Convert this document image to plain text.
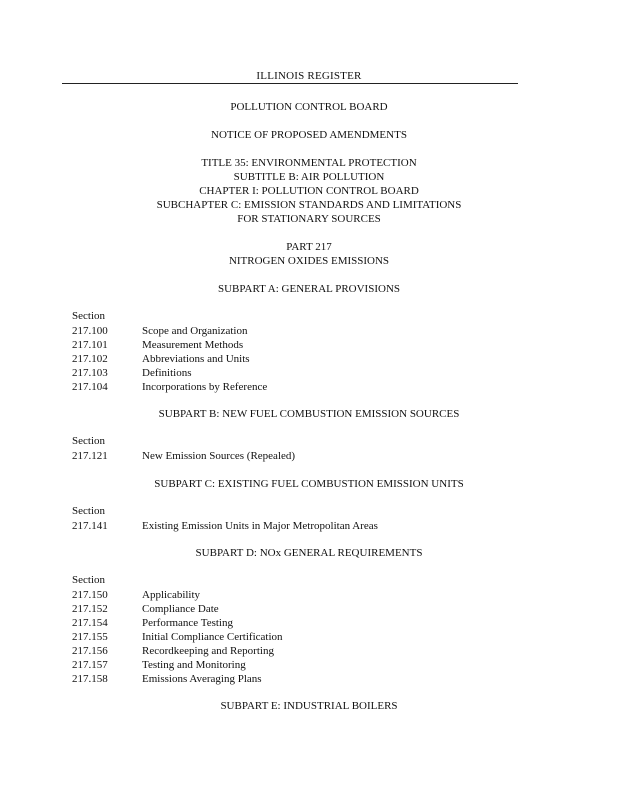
ILLINOIS REGISTER
POLLUTION CONTROL BOARD
NOTICE OF PROPOSED AMENDMENTS
TITLE 35: ENVIRONMENTAL PROTECTION
SUBTITLE B: AIR POLLUTION
CHAPTER I: POLLUTION CONTROL BOARD
SUBCHAPTER C: EMISSION STANDARDS AND LIMITATIONS
FOR STATIONARY SOURCES
PART 217
NITROGEN OXIDES EMISSIONS
SUBPART A: GENERAL PROVISIONS
Section
217.100	Scope and Organization
217.101	Measurement Methods
217.102	Abbreviations and Units
217.103	Definitions
217.104	Incorporations by Reference
SUBPART B: NEW FUEL COMBUSTION EMISSION SOURCES
Section
217.121	New Emission Sources (Repealed)
SUBPART C: EXISTING FUEL COMBUSTION EMISSION UNITS
Section
217.141	Existing Emission Units in Major Metropolitan Areas
SUBPART D: NOx GENERAL REQUIREMENTS
Section
217.150	Applicability
217.152	Compliance Date
217.154	Performance Testing
217.155	Initial Compliance Certification
217.156	Recordkeeping and Reporting
217.157	Testing and Monitoring
217.158	Emissions Averaging Plans
SUBPART E: INDUSTRIAL BOILERS
